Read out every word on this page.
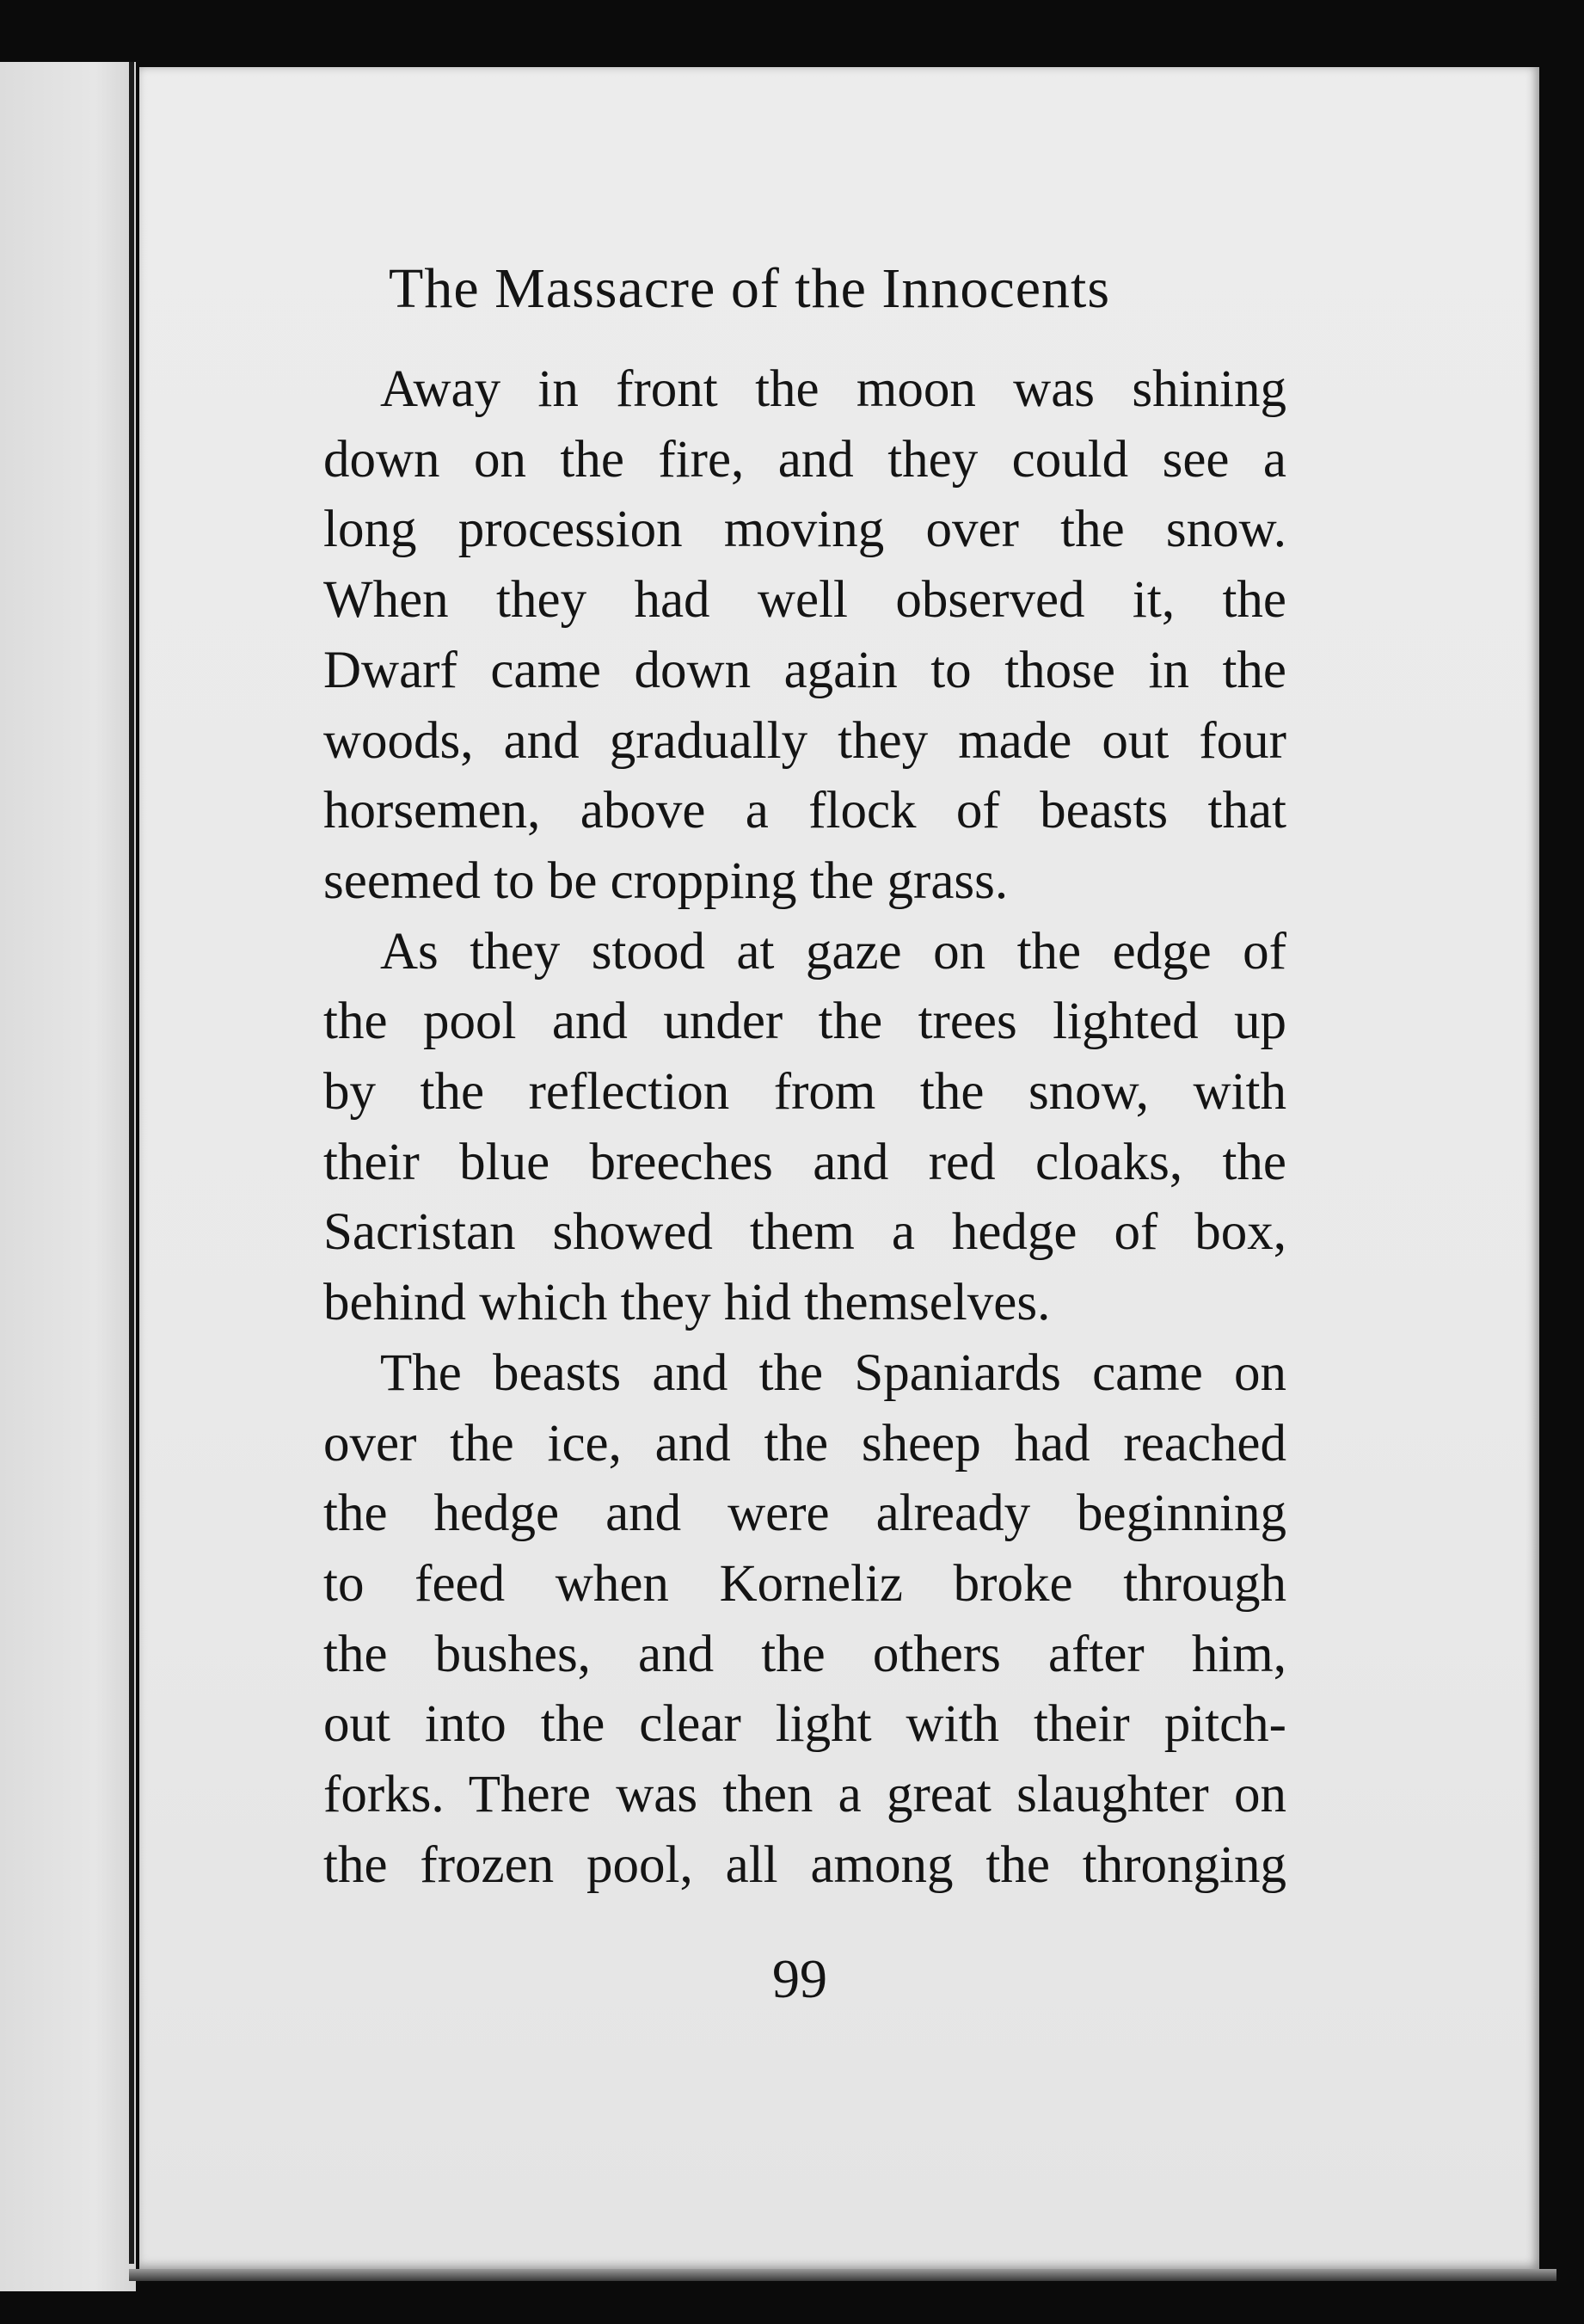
The Massacre of the Innocents
Away in front the moon was shining
down on the fire, and they could see a
long procession moving over the snow.
When they had well observed it, the
Dwarf came down again to those in the
woods, and gradually they made out four
horsemen, above a flock of beasts that
seemed to be cropping the grass.
As they stood at gaze on the edge of
the pool and under the trees lighted up
by the reflection from the snow, with
their blue breeches and red cloaks, the
Sacristan showed them a hedge of box,
behind which they hid themselves.
The beasts and the Spaniards came on
over the ice, and the sheep had reached
the hedge and were already beginning
to feed when Korneliz broke through
the bushes, and the others after him,
out into the clear light with their pitch-
forks. There was then a great slaughter on
the frozen pool, all among the thronging
99
